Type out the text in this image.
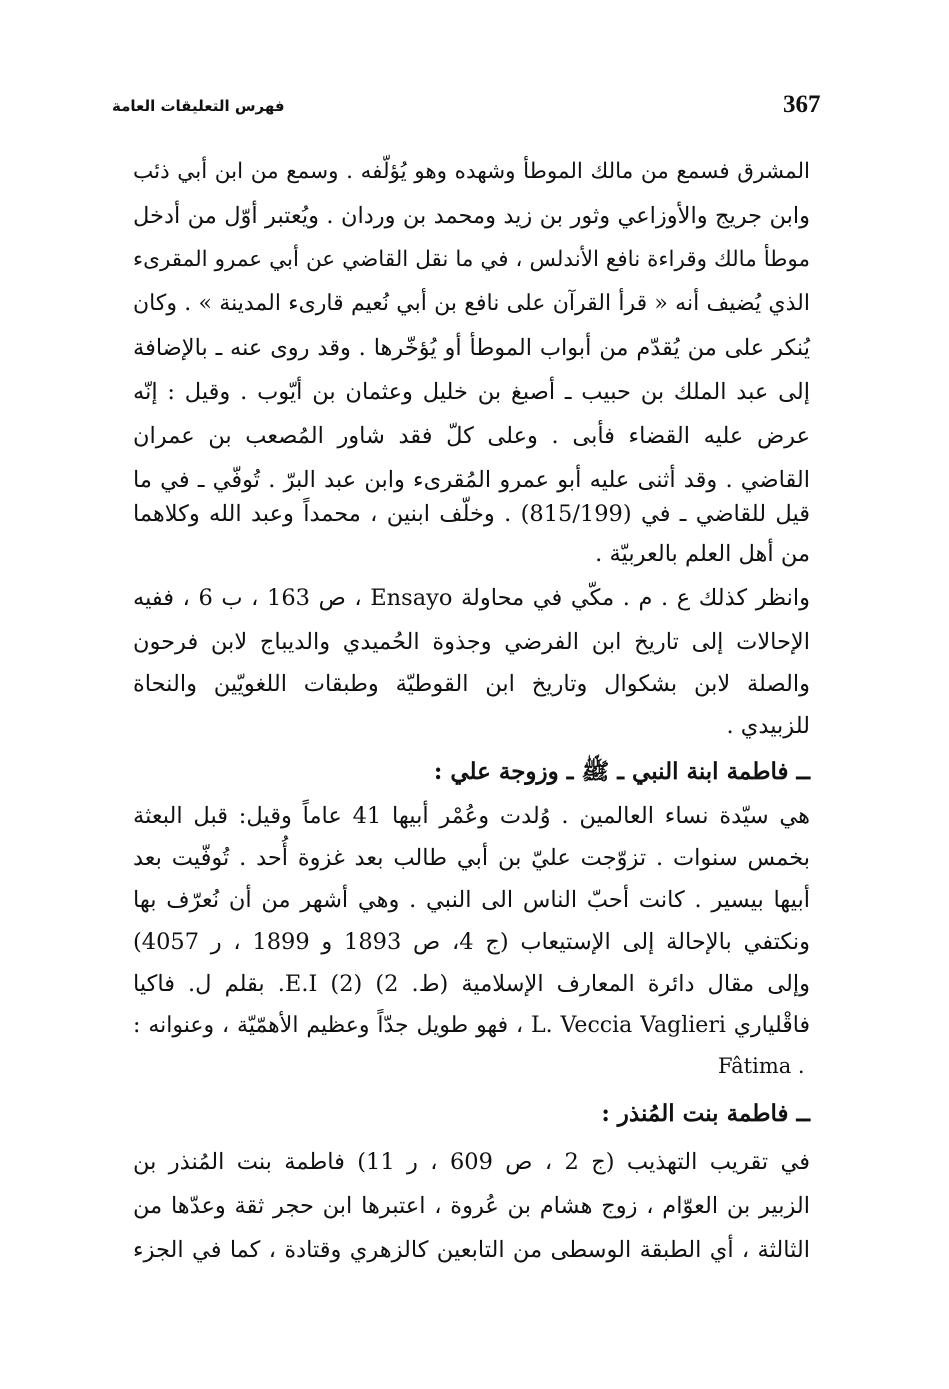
367
فهرس التعليقات العامة
المشرق فسمع من مالك الموطأ وشهده وهو يُؤلّفه . وسمع من ابن أبي ذئب
وابن جريج والأوزاعي وثور بن زيد ومحمد بن وردان . ويُعتبر أوّل من أدخل
موطأ مالك وقراءة نافع الأندلس ، في ما نقل القاضي عن أبي عمرو المقرىء
الذي يُضيف أنه « قرأ القرآن على نافع بن أبي نُعيم قارىء المدينة » . وكان
يُنكر على من يُقدّم من أبواب الموطأ أو يُؤخّرها . وقد روى عنه ـ بالإضافة
إلى عبد الملك بن حبيب ـ أصبغ بن خليل وعثمان بن أيّوب . وقيل : إنّه
عرض عليه القضاء فأبى . وعلى كلّ فقد شاور المُصعب بن عمران
القاضي . وقد أثنى عليه أبو عمرو المُقرىء وابن عبد البرّ . تُوفّي ـ في ما
قيل للقاضي ـ في (815/199) . وخلّف ابنين ، محمداً وعبد الله وكلاهما
من أهل العلم بالعربيّة .
وانظر كذلك ع . م . مكّي في محاولة Ensayo ، ص 163 ، ب 6 ، ففيه
الإحالات إلى تاريخ ابن الفرضي وجذوة الحُميدي والديباج لابن فرحون
والصلة لابن بشكوال وتاريخ ابن القوطيّة وطبقات اللغويّين والنحاة
للزبيدي .
ــ فاطمة ابنة النبي ـ ﷺ ـ وزوجة علي :
هي سيّدة نساء العالمين . وُلدت وعُمْر أبيها 41 عاماً وقيل: قبل البعثة
بخمس سنوات . تزوّجت عليّ بن أبي طالب بعد غزوة أُحد . تُوفّيت بعد
أبيها بيسير . كانت أحبّ الناس الى النبي . وهي أشهر من أن نُعرّف بها
ونكتفي بالإحالة إلى الإستيعاب (ج 4، ص 1893 و 1899 ، ر 4057)
وإلى مقال دائرة المعارف الإسلامية (ط. 2) (2) E.I. بقلم ل. فاكيا
فاقْلياري L. Veccia Vaglieri ، فهو طويل جدّاً وعظيم الأهمّيّة ، وعنوانه :
Fâtima .
ــ فاطمة بنت المُنذر :
في تقريب التهذيب (ج 2 ، ص 609 ، ر 11) فاطمة بنت المُنذر بن
الزبير بن العوّام ، زوج هشام بن عُروة ، اعتبرها ابن حجر ثقة وعدّها من
الثالثة ، أي الطبقة الوسطى من التابعين كالزهري وقتادة ، كما في الجزء
